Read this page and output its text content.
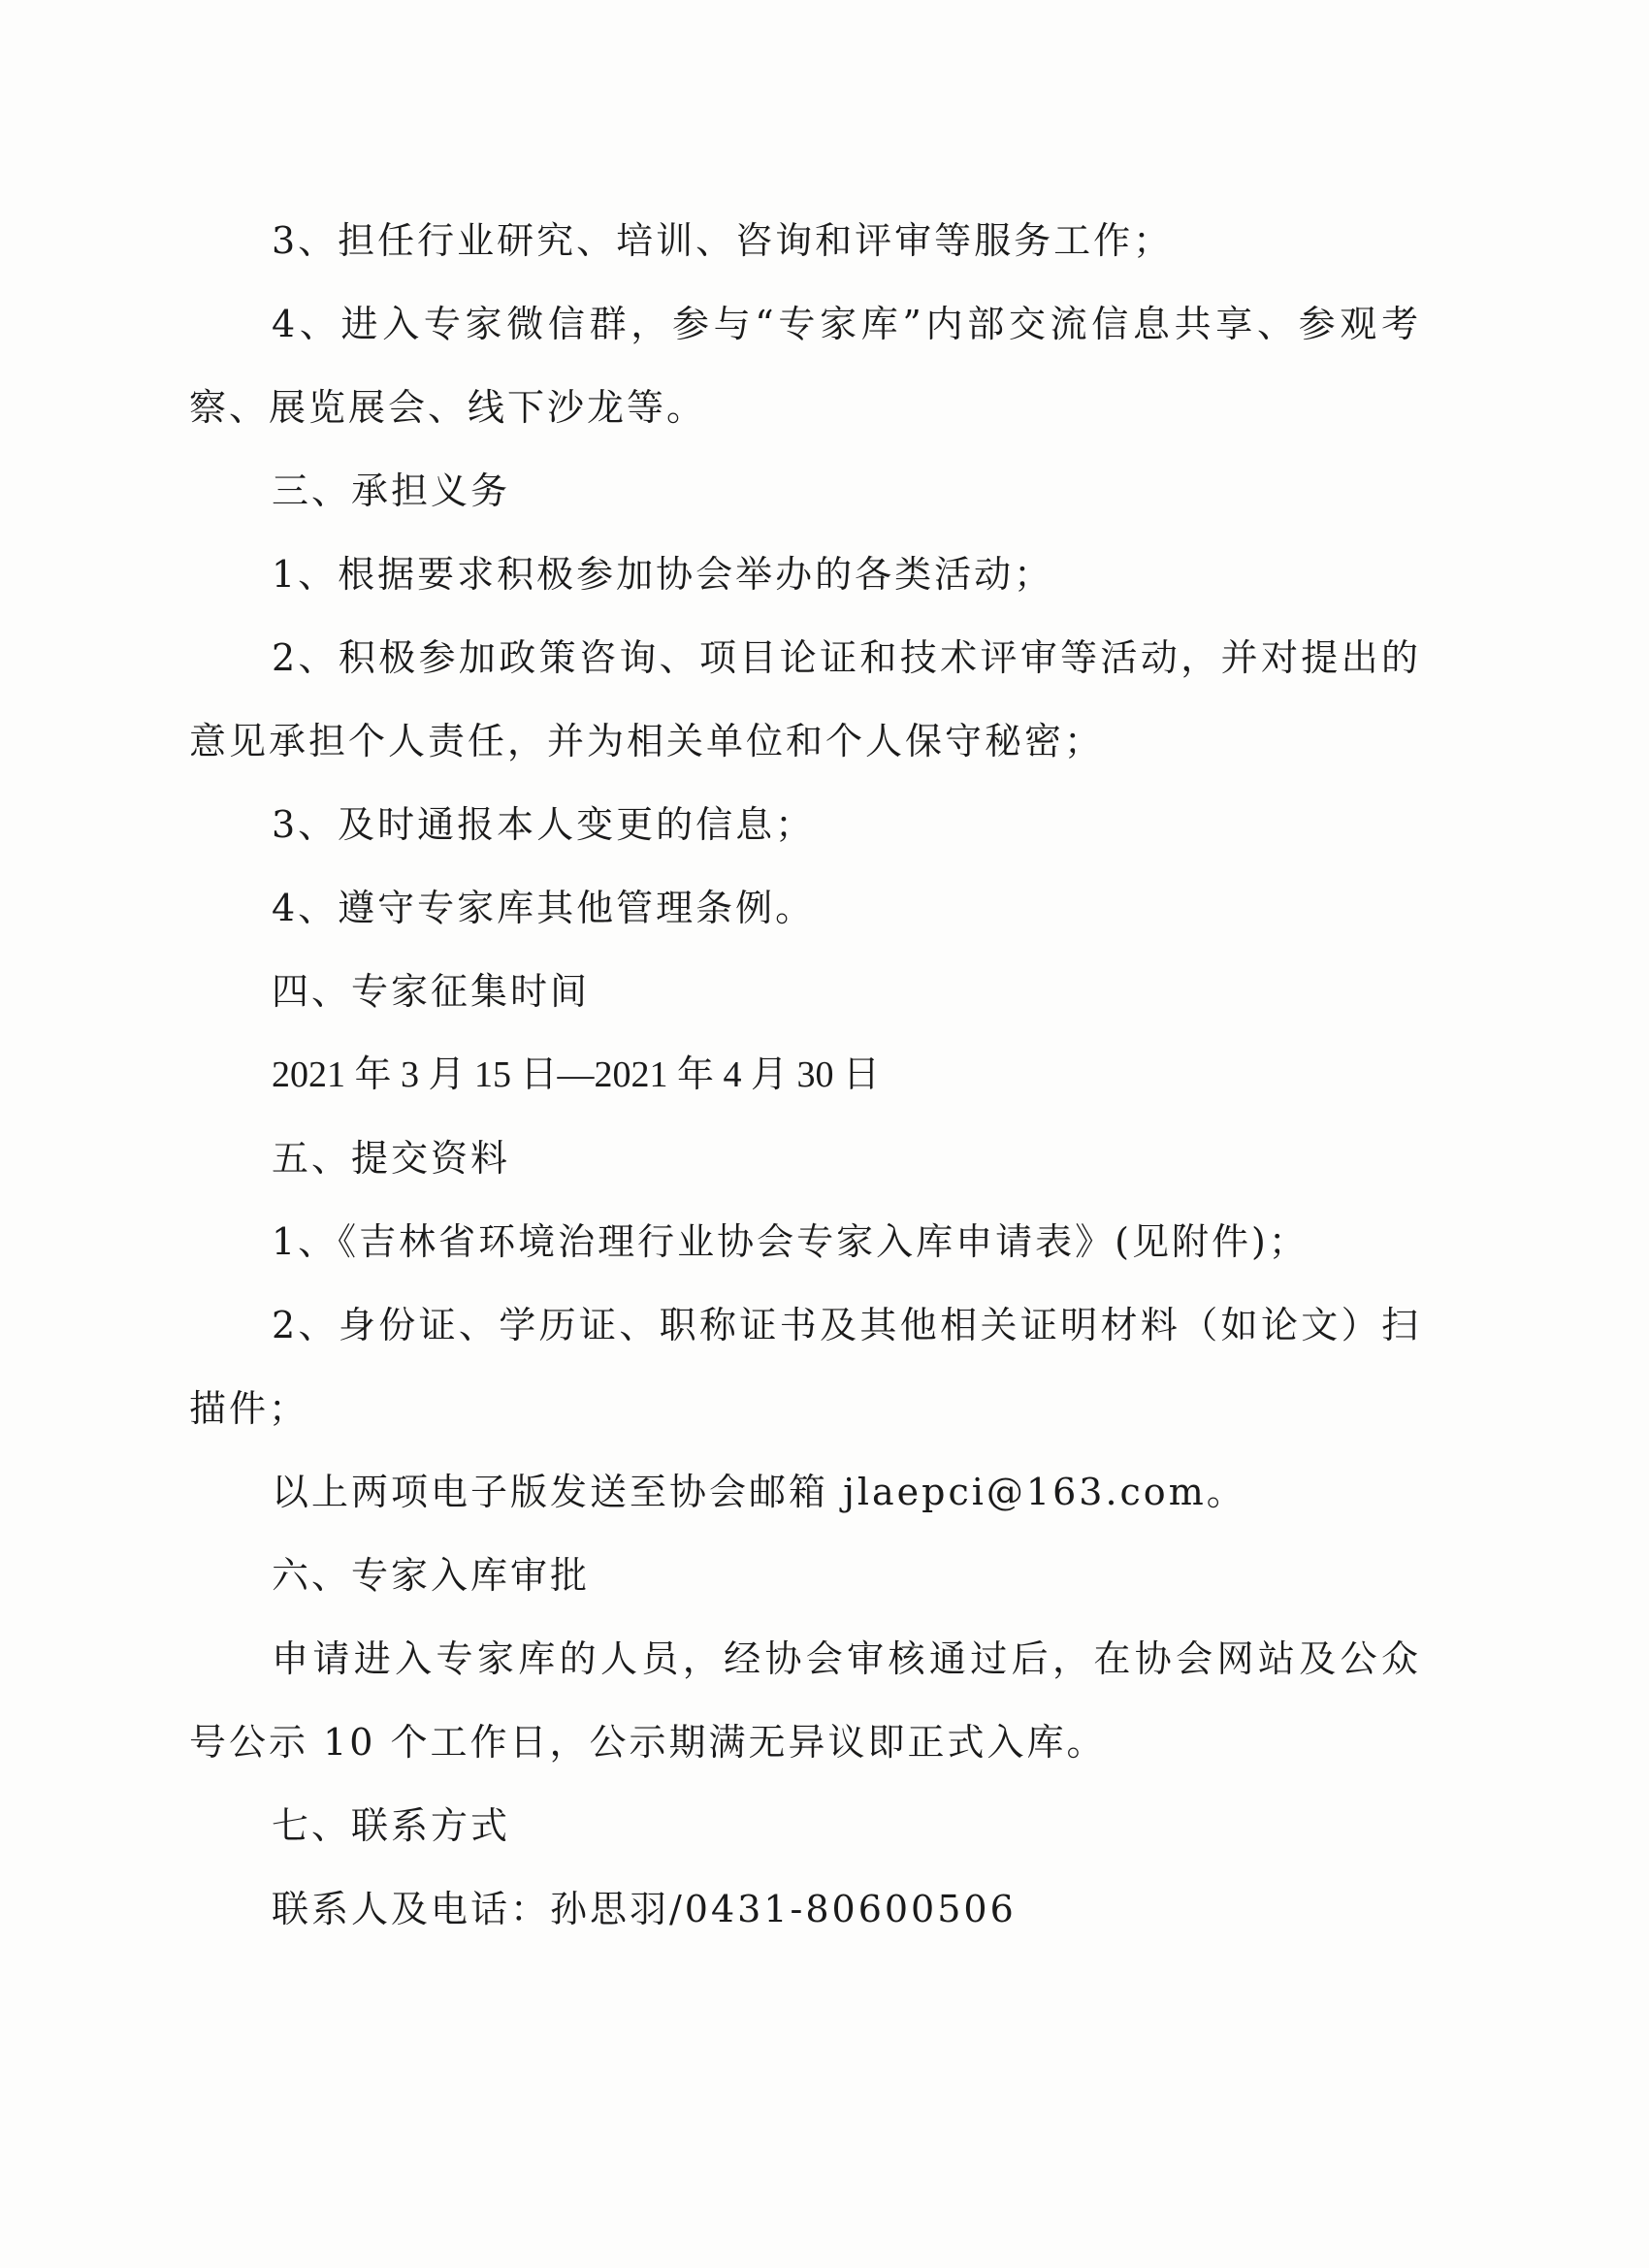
3、担任行业研究、培训、咨询和评审等服务工作；
4、进入专家微信群，参与“专家库”内部交流信息共享、参观考
察、展览展会、线下沙龙等。
三、承担义务
1、根据要求积极参加协会举办的各类活动；
2、积极参加政策咨询、项目论证和技术评审等活动，并对提出的
意见承担个人责任，并为相关单位和个人保守秘密；
3、及时通报本人变更的信息；
4、遵守专家库其他管理条例。
四、专家征集时间
2021 年 3 月 15 日—2021 年 4 月 30 日
五、提交资料
1、《吉林省环境治理行业协会专家入库申请表》(见附件)；
2、身份证、学历证、职称证书及其他相关证明材料（如论文）扫
描件；
以上两项电子版发送至协会邮箱 jlaepci@163.com。
六、专家入库审批
申请进入专家库的人员，经协会审核通过后，在协会网站及公众
号公示 10 个工作日，公示期满无异议即正式入库。
七、联系方式
联系人及电话：孙思羽/0431-80600506
